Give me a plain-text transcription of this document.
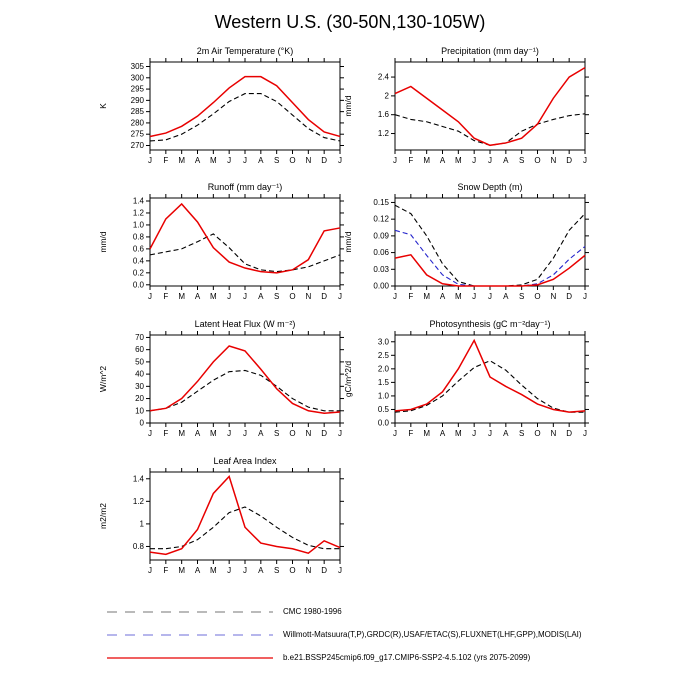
Western U.S. (30-50N,130-105W)
2m Air Temperature (°K)
K
270
275
280
285
290
295
300
305
J F M A M J J A S O N D J
Precipitation (mm day⁻¹)
mm/d
1.2
1.6
2
2.4
J F M A M J J A S O N D J
Runoff (mm day⁻¹)
mm/d
0.0
0.2
0.4
0.6
0.8
1.0
1.2
1.4
J F M A M J J A S O N D J
Snow Depth (m)
mm/d
0.00
0.03
0.06
0.09
0.12
0.15
J F M A M J J A S O N D J
Latent Heat Flux (W m⁻²)
W/m^2
0
10
20
30
40
50
60
70
J F M A M J J A S O N D J
Photosynthesis (gC m⁻²day⁻¹)
gC/m^2/d
0.0
0.5
1.0
1.5
2.0
2.5
3.0
J F M A M J J A S O N D J
Leaf Area Index
m2/m2
0.8
1
1.2
1.4
J F M A M J J A S O N D J
CMC 1980-1996
Willmott-Matsuura(T,P),GRDC(R),USAF/ETAC(S),FLUXNET(LHF,GPP),MODIS(LAI)
b.e21.BSSP245cmip6.f09_g17.CMIP6-SSP2-4.5.102 (yrs 2075-2099)
